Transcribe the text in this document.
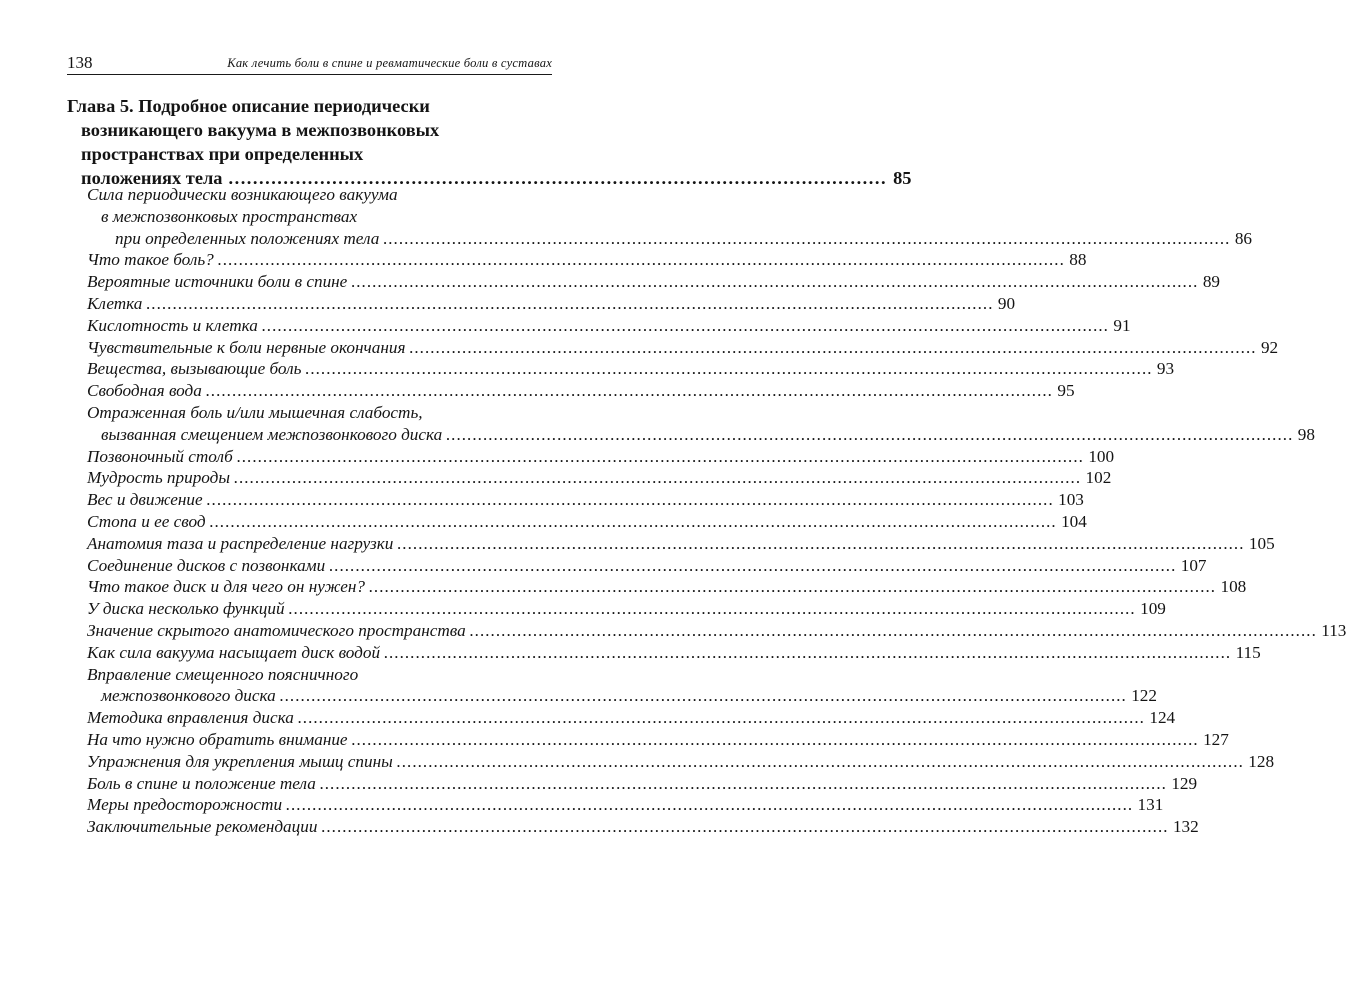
138	Как лечить боли в спине и ревматические боли в суставах
Глава 5. Подробное описание периодически
возникающего вакуума в межпозвонковых
пространствах при определенных
положениях тела ............................................................................................................ 85
Сила периодически возникающего вакуума
в межпозвонковых пространствах
при определенных положениях тела ................................................................................................................................................................ 86
Что такое боль? ................................................................................................................................................................ 88
Вероятные источники боли в спине ................................................................................................................................................................ 89
Клетка ................................................................................................................................................................ 90
Кислотность и клетка ................................................................................................................................................................ 91
Чувствительные к боли нервные окончания ................................................................................................................................................................ 92
Вещества, вызывающие боль ................................................................................................................................................................ 93
Свободная вода ................................................................................................................................................................ 95
Отраженная боль и/или мышечная слабость,
вызванная смещением межпозвонкового диска ................................................................................................................................................................ 98
Позвоночный столб ................................................................................................................................................................ 100
Мудрость природы ................................................................................................................................................................ 102
Вес и движение ................................................................................................................................................................ 103
Стопа и ее свод ................................................................................................................................................................ 104
Анатомия таза и распределение нагрузки ................................................................................................................................................................ 105
Соединение дисков с позвонками ................................................................................................................................................................ 107
Что такое диск и для чего он нужен? ................................................................................................................................................................ 108
У диска несколько функций ................................................................................................................................................................ 109
Значение скрытого анатомического пространства ................................................................................................................................................................ 113
Как сила вакуума насыщает диск водой ................................................................................................................................................................ 115
Вправление смещенного поясничного
межпозвонкового диска ................................................................................................................................................................ 122
Методика вправления диска ................................................................................................................................................................ 124
На что нужно обратить внимание ................................................................................................................................................................ 127
Упражнения для укрепления мышц спины ................................................................................................................................................................ 128
Боль в спине и положение тела ................................................................................................................................................................ 129
Меры предосторожности ................................................................................................................................................................ 131
Заключительные рекомендации ................................................................................................................................................................ 132
